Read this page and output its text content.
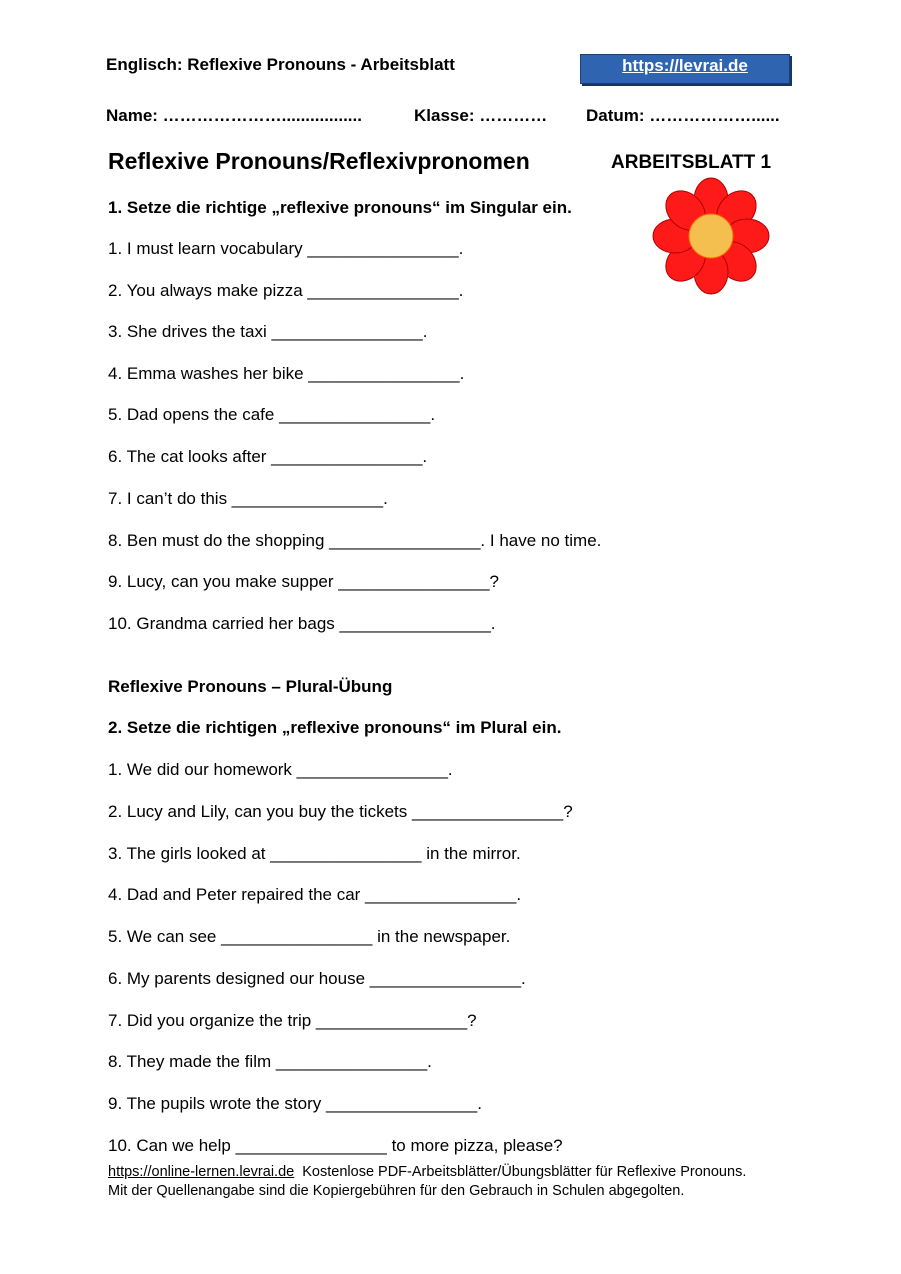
Englisch: Reflexive Pronouns - Arbeitsblatt	https://levrai.de
Name: ………………….................	Klasse: ………… Datum: ………………......
Reflexive Pronouns/Reflexivpronomen	ARBEITSBLATT 1
1. Setze die richtige „reflexive pronouns“ im Singular ein.
1. I must learn vocabulary ________________.
2. You always make pizza ________________.
3. She drives the taxi ________________.
4. Emma washes her bike ________________.
5. Dad opens the cafe ________________.
6. The cat looks after ________________.
7. I can’t do this ________________.
8. Ben must do the shopping ________________. I have no time.
9. Lucy, can you make supper ________________?
10. Grandma carried her bags ________________.
Reflexive Pronouns – Plural-Übung
2. Setze die richtigen „reflexive pronouns“ im Plural ein.
1. We did our homework ________________.
2. Lucy and Lily, can you buy the tickets ________________?
3. The girls looked at ________________ in the mirror.
4. Dad and Peter repaired the car ________________.
5. We can see ________________ in the newspaper.
6. My parents designed our house ________________.
7. Did you organize the trip ________________?
8. They made the film ________________.
9. The pupils wrote the story ________________.
10. Can we help ________________ to more pizza, please?
https://online-lernen.levrai.de Kostenlose PDF-Arbeitsblätter/Übungsblätter für Reflexive Pronouns.
Mit der Quellenangabe sind die Kopiergebühren für den Gebrauch in Schulen abgegolten.
